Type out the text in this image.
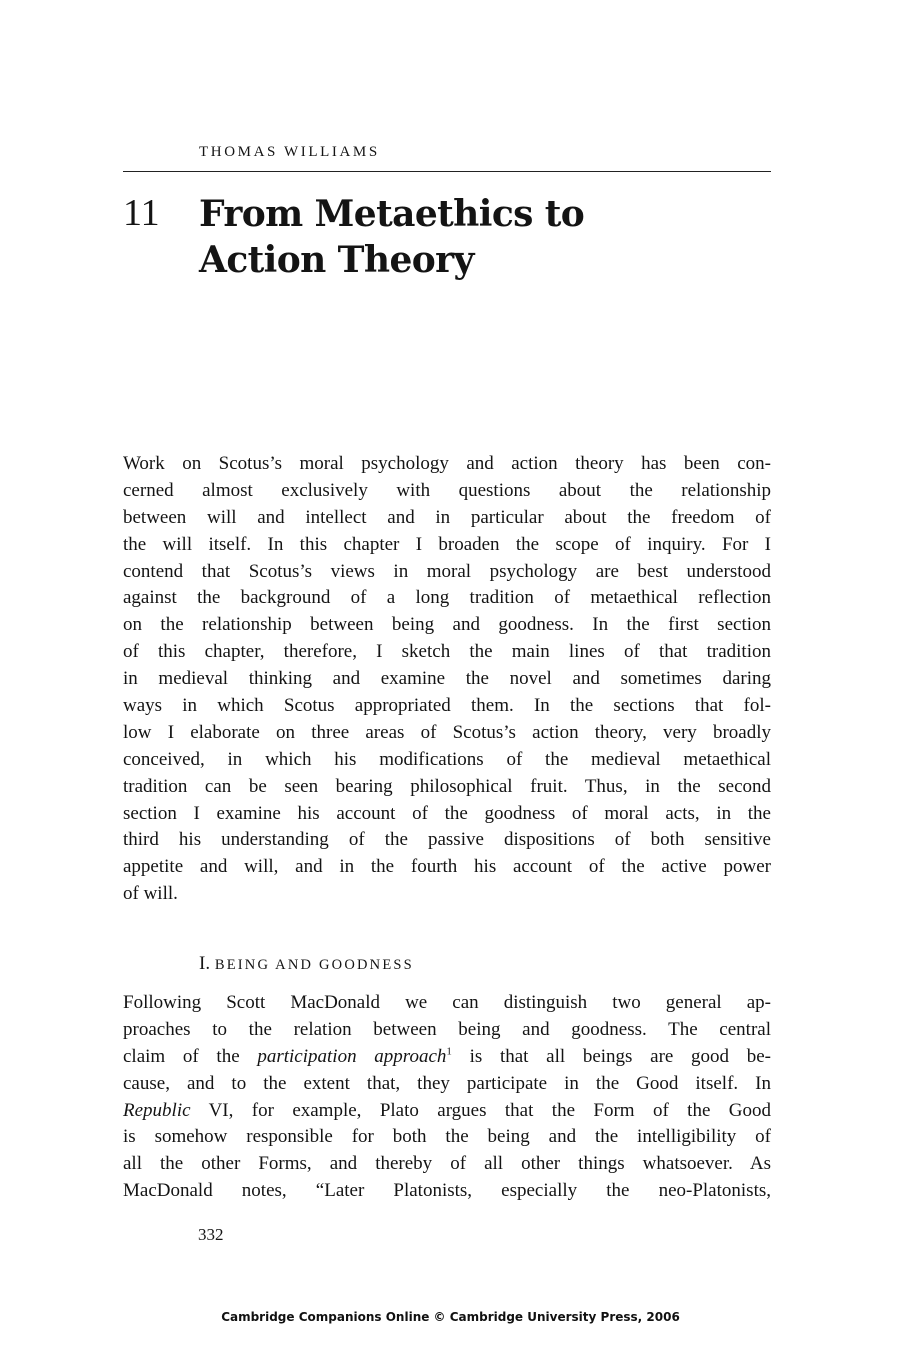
THOMAS WILLIAMS
11 From Metaethics to
Action Theory
Work on Scotus’s moral psychology and action theory has been con-
cerned almost exclusively with questions about the relationship
between will and intellect and in particular about the freedom of
the will itself. In this chapter I broaden the scope of inquiry. For I
contend that Scotus’s views in moral psychology are best understood
against the background of a long tradition of metaethical reflection
on the relationship between being and goodness. In the first section
of this chapter, therefore, I sketch the main lines of that tradition
in medieval thinking and examine the novel and sometimes daring
ways in which Scotus appropriated them. In the sections that fol-
low I elaborate on three areas of Scotus’s action theory, very broadly
conceived, in which his modifications of the medieval metaethical
tradition can be seen bearing philosophical fruit. Thus, in the second
section I examine his account of the goodness of moral acts, in the
third his understanding of the passive dispositions of both sensitive
appetite and will, and in the fourth his account of the active power
of will.
I. BEING AND GOODNESS
Following Scott MacDonald we can distinguish two general ap-
proaches to the relation between being and goodness. The central
claim of the participation approach$^1$ is that all beings are good be-
cause, and to the extent that, they participate in the Good itself. In
Republic VI, for example, Plato argues that the Form of the Good
is somehow responsible for both the being and the intelligibility of
all the other Forms, and thereby of all other things whatsoever. As
MacDonald notes, “Later Platonists, especially the neo-Platonists,
332
Cambridge Companions Online © Cambridge University Press, 2006
